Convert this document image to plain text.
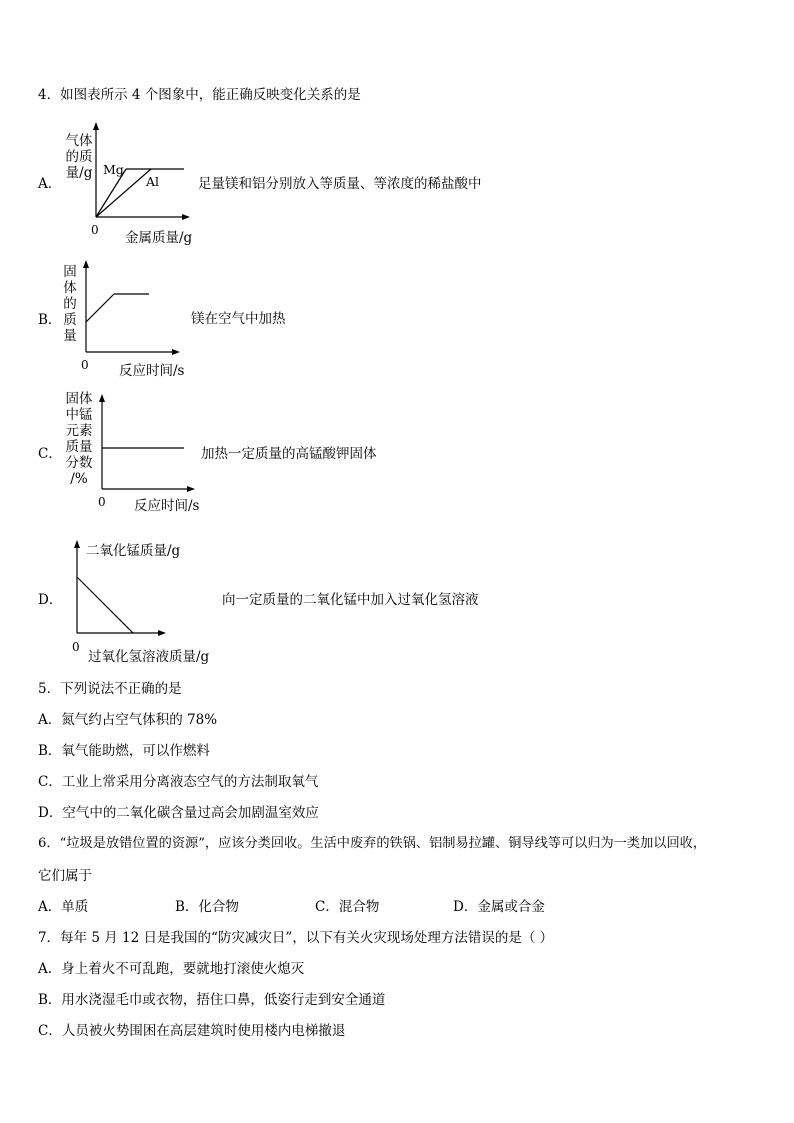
4．如图表所示 4 个图象中，能正确反映变化关系的是
A．
气体
的质
量/g Mg
Al
0 金属质量/g
足量镁和铝分别放入等质量、等浓度的稀盐酸中
B．
固
体
的
质
量
0 反应时间/s
镁在空气中加热
C．
固体
中锰
元素
质量
分数
/%
0 反应时间/s
加热一定质量的高锰酸钾固体
D．
二氧化锰质量/g
0
过氧化氢溶液质量/g
向一定质量的二氧化锰中加入过氧化氢溶液
5．下列说法不正确的是
A．氮气约占空气体积的 78%
B．氧气能助燃，可以作燃料
C．工业上常采用分离液态空气的方法制取氧气
D．空气中的二氧化碳含量过高会加剧温室效应
6．“垃圾是放错位置的资源”，应该分类回收。生活中废弃的铁锅、铝制易拉罐、铜导线等可以归为一类加以回收，
它们属于
A．单质	B．化合物	C．混合物	D．金属或合金
7．每年 5 月 12 日是我国的“防灾减灾日”，以下有关火灾现场处理方法错误的是（ ）
A．身上着火不可乱跑，要就地打滚使火熄灭
B．用水浇湿毛巾或衣物，捂住口鼻，低姿行走到安全通道
C．人员被火势围困在高层建筑时使用楼内电梯撤退
